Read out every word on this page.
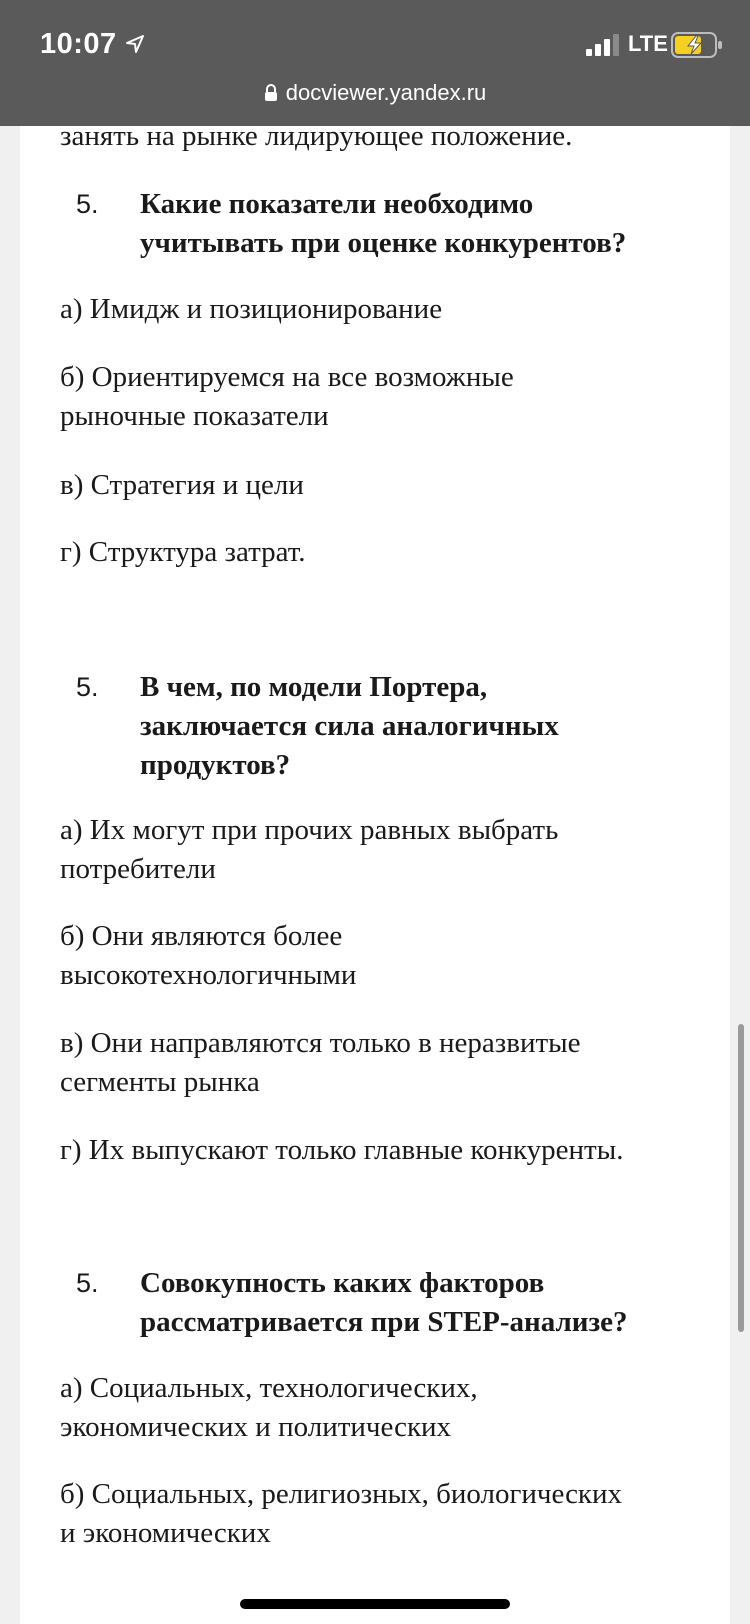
10:07	LTE
docviewer.yandex.ru

занять на рынке лидирующее положение.

5.	Какие показатели необходимо
учитывать при оценке конкурентов?

а) Имидж и позиционирование

б) Ориентируемся на все возможные
рыночные показатели

в) Стратегия и цели

г) Структура затрат.

5.	В чем, по модели Портера,
заключается сила аналогичных
продуктов?

а) Их могут при прочих равных выбрать
потребители

б) Они являются более
высокотехнологичными

в) Они направляются только в неразвитые
сегменты рынка

г) Их выпускают только главные конкуренты.

5.	Совокупность каких факторов
рассматривается при STEP-анализе?

а) Социальных, технологических,
экономических и политических

б) Социальных, религиозных, биологических
и экономических
